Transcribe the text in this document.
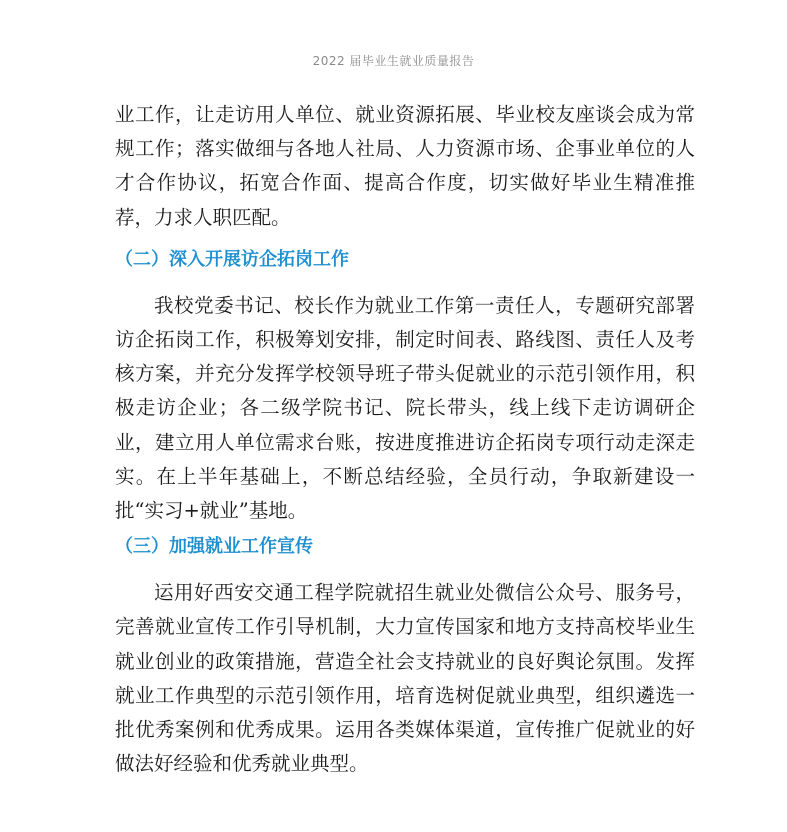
2022 届毕业生就业质量报告

业工作，让走访用人单位、就业资源拓展、毕业校友座谈会成为常规工作；落实做细与各地人社局、人力资源市场、企事业单位的人才合作协议，拓宽合作面、提高合作度，切实做好毕业生精准推荐，力求人职匹配。

（二）深入开展访企拓岗工作

我校党委书记、校长作为就业工作第一责任人，专题研究部署访企拓岗工作，积极筹划安排，制定时间表、路线图、责任人及考核方案，并充分发挥学校领导班子带头促就业的示范引领作用，积极走访企业；各二级学院书记、院长带头，线上线下走访调研企业，建立用人单位需求台账，按进度推进访企拓岗专项行动走深走实。在上半年基础上，不断总结经验，全员行动，争取新建设一批“实习+就业”基地。

（三）加强就业工作宣传

运用好西安交通工程学院就招生就业处微信公众号、服务号，完善就业宣传工作引导机制，大力宣传国家和地方支持高校毕业生就业创业的政策措施，营造全社会支持就业的良好舆论氛围。发挥就业工作典型的示范引领作用，培育选树促就业典型，组织遴选一批优秀案例和优秀成果。运用各类媒体渠道，宣传推广促就业的好做法好经验和优秀就业典型。
